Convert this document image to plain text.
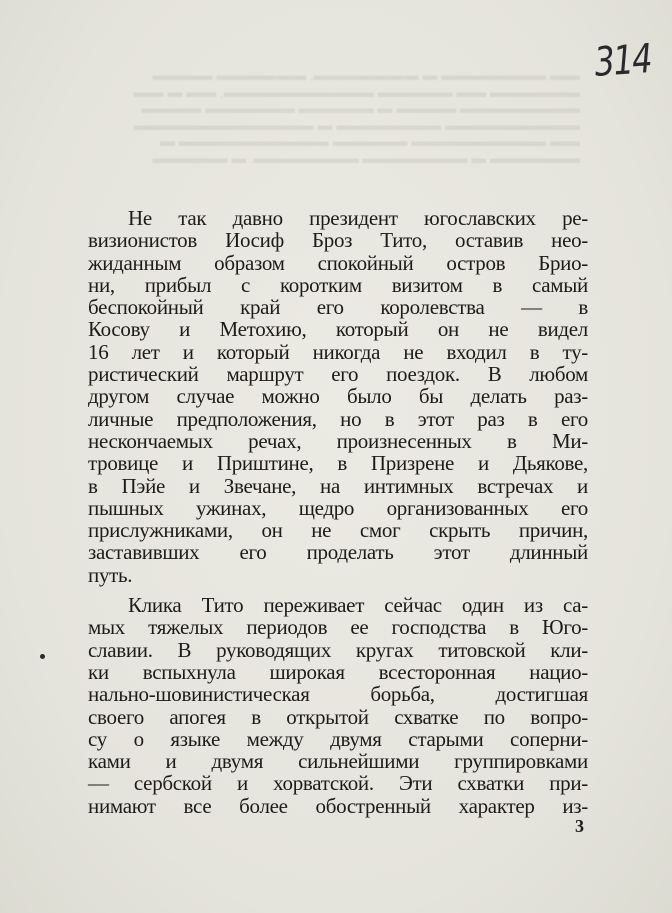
▬▬ ▬▬▬▬▬▬▬ ▬ ▬▬▬▬▬▬▬, ▬▬▬▬▬▬ ▬▬▬▬
▬▬▬▬▬▬ ▬▬ ▬▬▬▬▬ ▬▬▬▬▬▬▬▬▬▬, ▬▬ ▬ ▬▬
▬▬▬▬▬▬▬▬ ▬▬▬▬ ▬ ▬▬▬▬▬ ▬▬▬▬▬▬ ▬▬▬▬
▬▬▬▬▬▬▬▬▬ ▬▬▬▬▬▬▬ ▬ ▬▬▬▬▬▬▬▬▬▬▬▬
▬▬ ▬▬▬▬▬▬▬▬▬ ▬▬▬▬▬ ▬▬▬▬▬▬▬▬▬▬ ▬
▬▬▬▬▬▬ ▬ ▬▬▬▬▬▬▬ ▬▬▬▬▬▬▬. ▬ ▬▬▬▬▬
314
Не так давно президент югославских ре-
визионистов Иосиф Броз Тито, оставив нео-
жиданным образом спокойный остров Брио-
ни, прибыл с коротким визитом в самый
беспокойный край его королевства — в
Косову и Метохию, который он не видел
16 лет и который никогда не входил в ту-
ристический маршрут его поездок. В любом
другом случае можно было бы делать раз-
личные предположения, но в этот раз в его
нескончаемых речах, произнесенных в Ми-
тровице и Приштине, в Призрене и Дьякове,
в Пэйе и Звечане, на интимных встречах и
пышных ужинах, щедро организованных его
прислужниками, он не смог скрыть причин,
заставивших его проделать этот длинный
путь.
Клика Тито переживает сейчас один из са-
мых тяжелых периодов ее господства в Юго-
славии. В руководящих кругах титовской кли-
ки вспыхнула широкая всесторонная нацио-
нально-шовинистическая борьба, достигшая
своего апогея в открытой схватке по вопро-
су о языке между двумя старыми соперни-
ками и двумя сильнейшими группировками
— сербской и хорватской. Эти схватки при-
нимают все более обостренный характер из-
3
